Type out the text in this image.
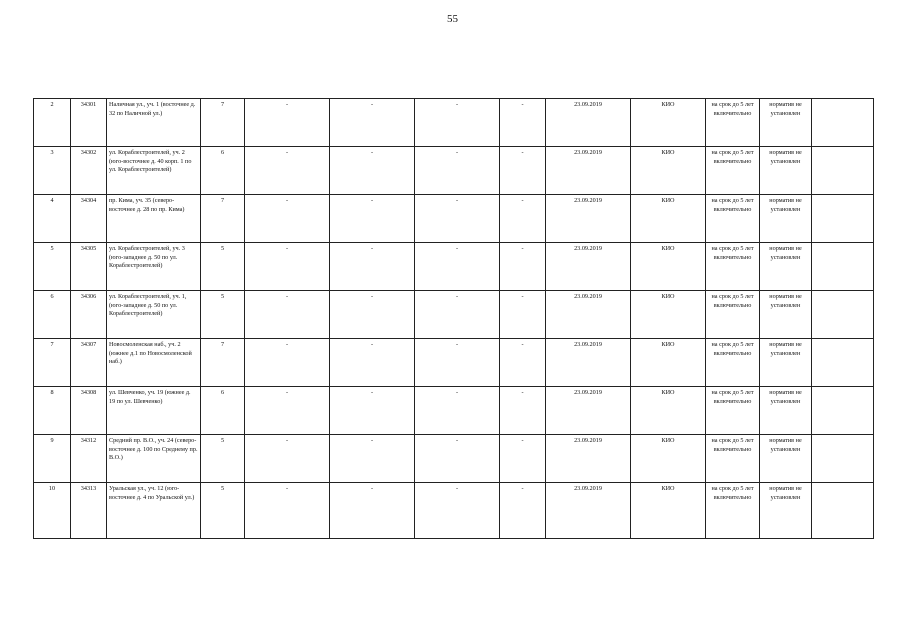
55
2	34301	Наличная ул., уч. 1 (восточнее д. 32 по Наличной ул.)	7	-	-	-	-	23.09.2019	КИО	на срок до 5 лет включительно	норматив не установлен	
3	34302	ул. Кораблестроителей, уч. 2 (юго-восточнее д. 40 корп. 1 по ул. Кораблестроителей)	6	-	-	-	-	23.09.2019	КИО	на срок до 5 лет включительно	норматив не установлен	
4	34304	пр. Кима, уч. 35 (северо-восточнее д. 28 по пр. Кима)	7	-	-	-	-	23.09.2019	КИО	на срок до 5 лет включительно	норматив не установлен	
5	34305	ул. Кораблестроителей, уч. 3 (юго-западнее д. 50 по ул. Кораблестроителей)	5	-	-	-	-	23.09.2019	КИО	на срок до 5 лет включительно	норматив не установлен	
6	34306	ул. Кораблестроителей, уч. 1, (юго-западнее д. 50 по ул. Кораблестроителей)	5	-	-	-	-	23.09.2019	КИО	на срок до 5 лет включительно	норматив не установлен	
7	34307	Новосмоленская наб., уч. 2 (южнее д.1 по Новосмоленской наб.)	7	-	-	-	-	23.09.2019	КИО	на срок до 5 лет включительно	норматив не установлен	
8	34308	ул. Шевченко, уч. 19 (южнее д. 19 по ул. Шевченко)	6	-	-	-	-	23.09.2019	КИО	на срок до 5 лет включительно	норматив не установлен	
9	34312	Средний пр. В.О., уч. 24 (северо-восточнее д. 100 по Среднему пр. В.О.)	5	-	-	-	-	23.09.2019	КИО	на срок до 5 лет включительно	норматив не установлен	
10	34313	Уральская ул., уч. 12 (юго-восточнее д. 4 по Уральской ул.)	5	-	-	-	-	23.09.2019	КИО	на срок до 5 лет включительно	норматив не установлен	
